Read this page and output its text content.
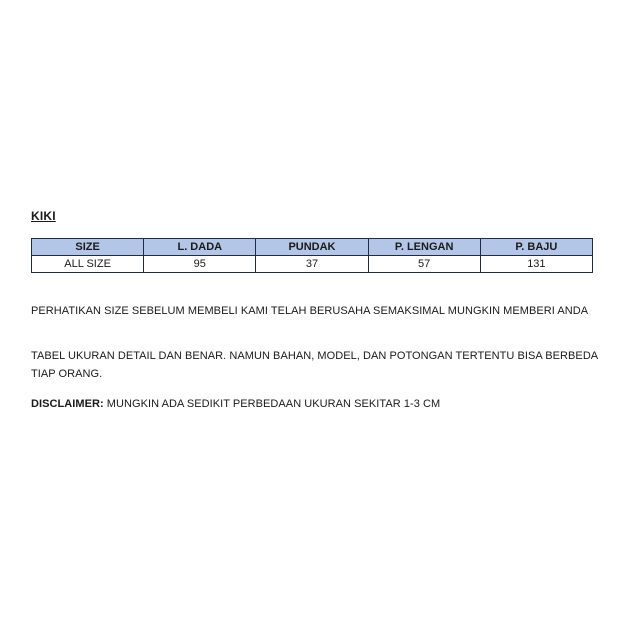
KIKI
SIZE	L. DADA	PUNDAK	P. LENGAN	P. BAJU
ALL SIZE	95	37	57	131
PERHATIKAN SIZE SEBELUM MEMBELI KAMI TELAH BERUSAHA SEMAKSIMAL MUNGKIN MEMBERI ANDA
TABEL UKURAN DETAIL DAN BENAR. NAMUN BAHAN, MODEL, DAN POTONGAN TERTENTU BISA BERBEDA TIAP ORANG.
DISCLAIMER: MUNGKIN ADA SEDIKIT PERBEDAAN UKURAN SEKITAR 1-3 CM
